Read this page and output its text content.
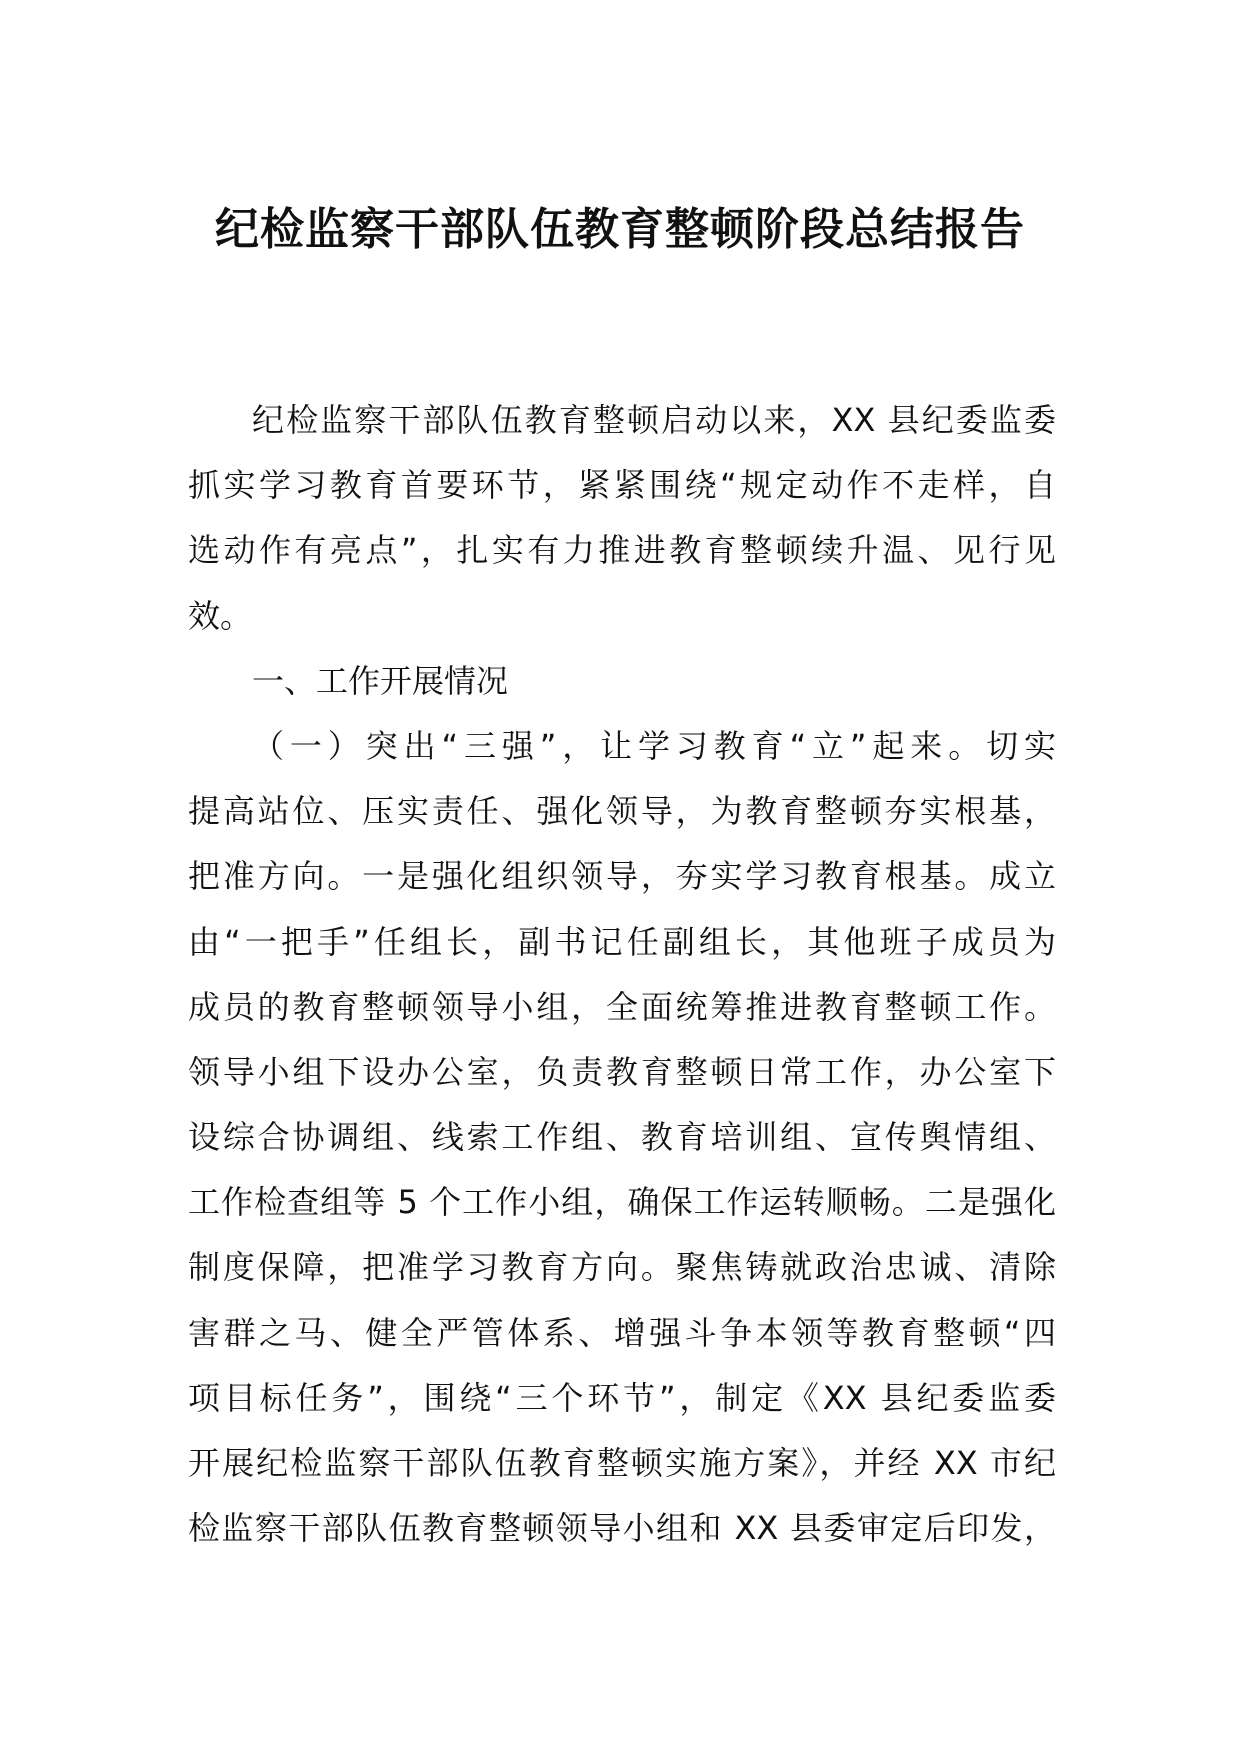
纪检监察干部队伍教育整顿阶段总结报告
纪检监察干部队伍教育整顿启动以来，XX 县纪委监委
抓实学习教育首要环节，紧紧围绕“规定动作不走样，自
选动作有亮点”，扎实有力推进教育整顿续升温、见行见
效。
一、工作开展情况
（一）突出“三强”，让学习教育“立”起来。切实
提高站位、压实责任、强化领导，为教育整顿夯实根基，
把准方向。一是强化组织领导，夯实学习教育根基。成立
由“一把手”任组长，副书记任副组长，其他班子成员为
成员的教育整顿领导小组，全面统筹推进教育整顿工作。
领导小组下设办公室，负责教育整顿日常工作，办公室下
设综合协调组、线索工作组、教育培训组、宣传舆情组、
工作检查组等 5 个工作小组，确保工作运转顺畅。二是强化
制度保障，把准学习教育方向。聚焦铸就政治忠诚、清除
害群之马、健全严管体系、增强斗争本领等教育整顿“四
项目标任务”，围绕“三个环节”，制定《XX 县纪委监委
开展纪检监察干部队伍教育整顿实施方案》，并经 XX 市纪
检监察干部队伍教育整顿领导小组和 XX 县委审定后印发，
